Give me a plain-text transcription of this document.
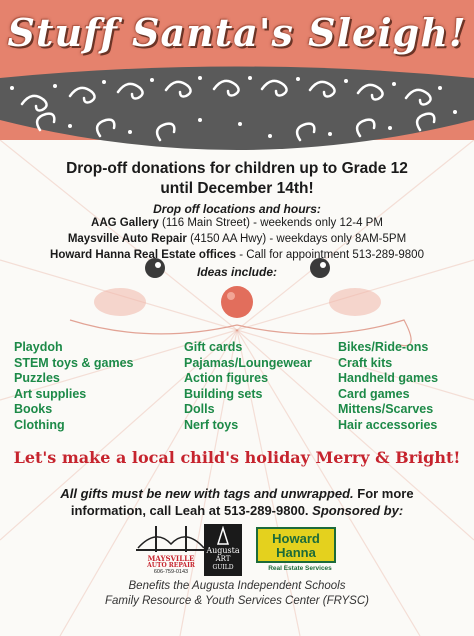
Stuff Santa's Sleigh!
Drop-off donations for children up to Grade 12
until December 14th!
Drop off locations and hours:
AAG Gallery (116 Main Street) - weekends only 12-4 PM
Maysville Auto Repair (4150 AA Hwy) - weekdays only 8AM-5PM
Howard Hanna Real Estate offices - Call for appointment 513-289-9800
Ideas include:
Playdoh
STEM toys & games
Puzzles
Art supplies
Books
Clothing
Gift cards
Pajamas/Loungewear
Action figures
Building sets
Dolls
Nerf toys
Bikes/Ride-ons
Craft kits
Handheld games
Card games
Mittens/Scarves
Hair accessories
Let's make a local child's holiday Merry & Bright!
All gifts must be new with tags and unwrapped. For more
information, call Leah at 513-289-9800. Sponsored by:
MAYSVILLE
AUTO REPAIR
606-759-0143
Augusta
ART
GUILD
Howard
Hanna
Real Estate Services
Benefits the Augusta Independent Schools
Family Resource & Youth Services Center (FRYSC)
